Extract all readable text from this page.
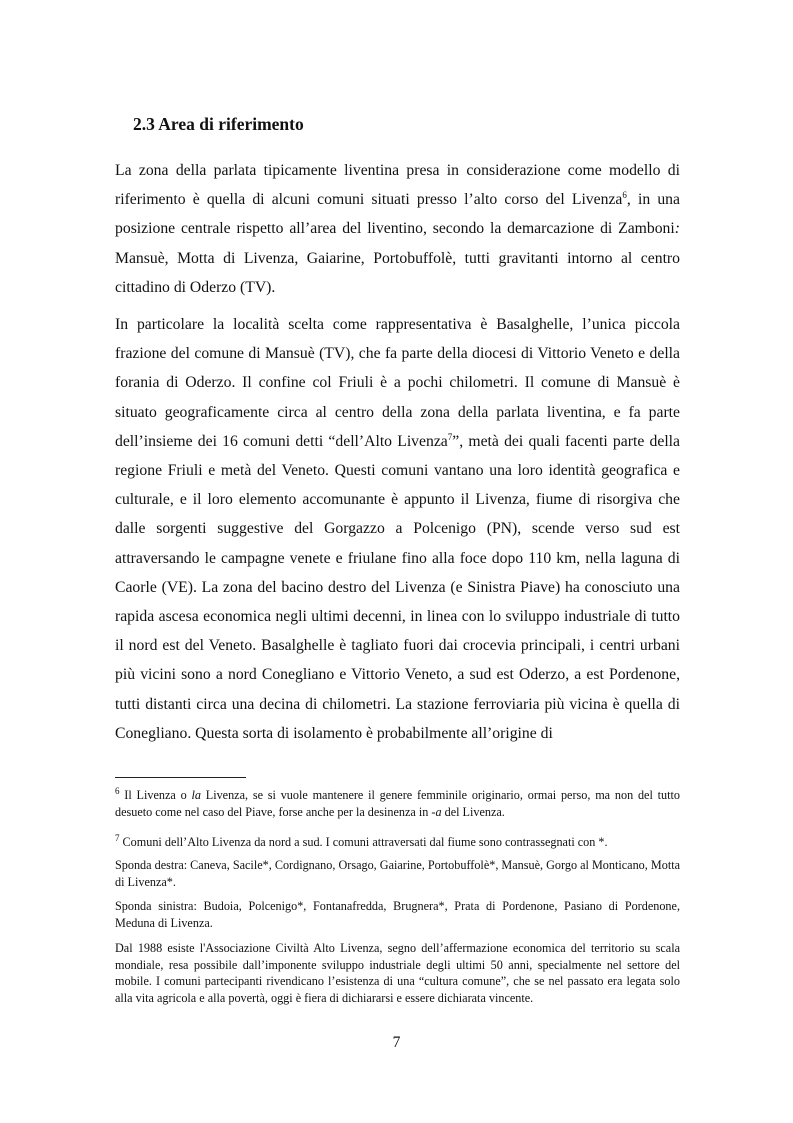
2.3 Area di riferimento

La zona della parlata tipicamente liventina presa in considerazione come modello di riferimento è quella di alcuni comuni situati presso l’alto corso del Livenza$^6$, in una posizione centrale rispetto all’area del liventino, secondo la demarcazione di Zamboni: Mansuè, Motta di Livenza, Gaiarine, Portobuffolè, tutti gravitanti intorno al centro cittadino di Oderzo (TV).

In particolare la località scelta come rappresentativa è Basalghelle, l’unica piccola frazione del comune di Mansuè (TV), che fa parte della diocesi di Vittorio Veneto e della forania di Oderzo. Il confine col Friuli è a pochi chilometri. Il comune di Mansuè è situato geograficamente circa al centro della zona della parlata liventina, e fa parte dell’insieme dei 16 comuni detti “dell’Alto Livenza$^7$”, metà dei quali facenti parte della regione Friuli e metà del Veneto. Questi comuni vantano una loro identità geografica e culturale, e il loro elemento accomunante è appunto il Livenza, fiume di risorgiva che dalle sorgenti suggestive del Gorgazzo a Polcenigo (PN), scende verso sud est attraversando le campagne venete e friulane fino alla foce dopo 110 km, nella laguna di Caorle (VE). La zona del bacino destro del Livenza (e Sinistra Piave) ha conosciuto una rapida ascesa economica negli ultimi decenni, in linea con lo sviluppo industriale di tutto il nord est del Veneto. Basalghelle è tagliato fuori dai crocevia principali, i centri urbani più vicini sono a nord Conegliano e Vittorio Veneto, a sud est Oderzo, a est Pordenone, tutti distanti circa una decina di chilometri. La stazione ferroviaria più vicina è quella di Conegliano. Questa sorta di isolamento è probabilmente all’origine di

$^6$ Il Livenza o la Livenza, se si vuole mantenere il genere femminile originario, ormai perso, ma non del tutto desueto come nel caso del Piave, forse anche per la desinenza in -a del Livenza.

$^7$ Comuni dell’Alto Livenza da nord a sud. I comuni attraversati dal fiume sono contrassegnati con *.

Sponda destra: Caneva, Sacile*, Cordignano, Orsago, Gaiarine, Portobuffolè*, Mansuè, Gorgo al Monticano, Motta di Livenza*.

Sponda sinistra: Budoia, Polcenigo*, Fontanafredda, Brugnera*, Prata di Pordenone, Pasiano di Pordenone, Meduna di Livenza.

Dal 1988 esiste l'Associazione Civiltà Alto Livenza, segno dell’affermazione economica del territorio su scala mondiale, resa possibile dall’imponente sviluppo industriale degli ultimi 50 anni, specialmente nel settore del mobile. I comuni partecipanti rivendicano l’esistenza di una “cultura comune”, che se nel passato era legata solo alla vita agricola e alla povertà, oggi è fiera di dichiararsi e essere dichiarata vincente.

7
